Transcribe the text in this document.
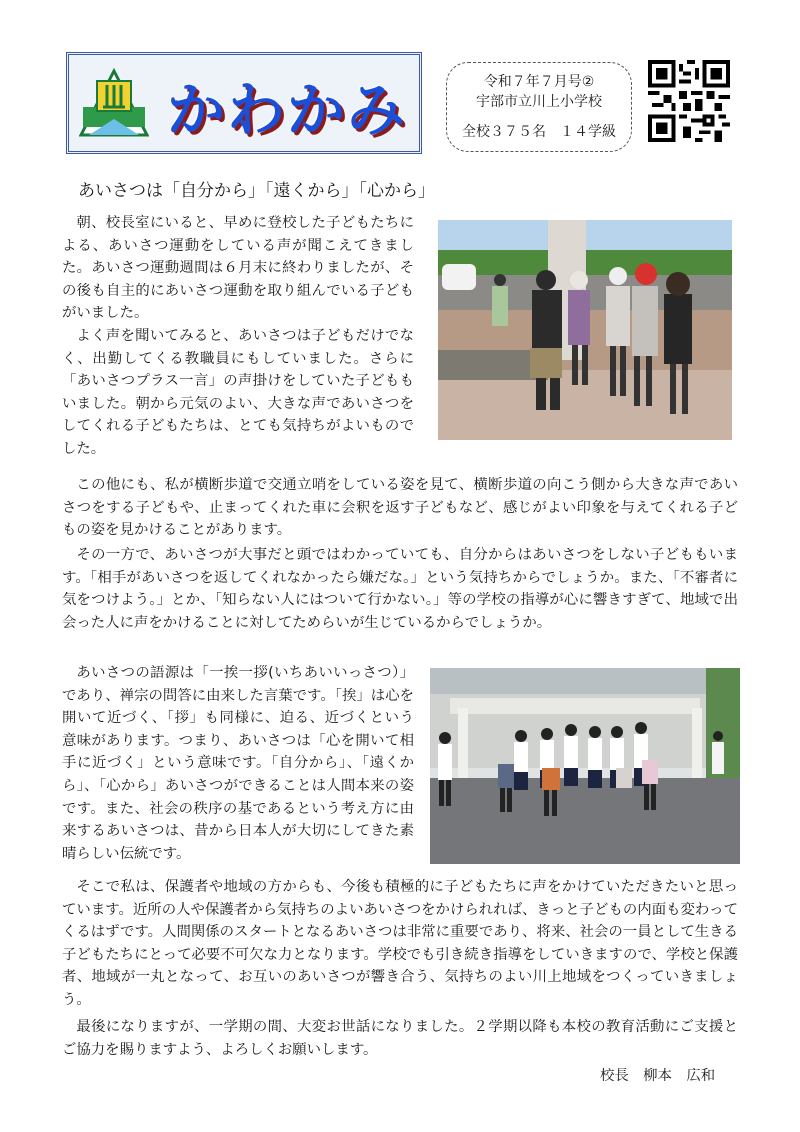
かわかみ	令和７年７月号②
宇部市立川上小学校
全校３７５名　１４学級
あいさつは「自分から」「遠くから」「心から」

朝、校長室にいると、早めに登校した子どもたちによる、あいさつ運動をしている声が聞こえてきました。あいさつ運動週間は６月末に終わりましたが、その後も自主的にあいさつ運動を取り組んでいる子どもがいました。

よく声を聞いてみると、あいさつは子どもだけでなく、出勤してくる教職員にもしていました。さらに「あいさつプラス一言」の声掛けをしていた子どももいました。朝から元気のよい、大きな声であいさつをしてくれる子どもたちは、とても気持ちがよいものでした。

この他にも、私が横断歩道で交通立哨をしている姿を見て、横断歩道の向こう側から大きな声であいさつをする子どもや、止まってくれた車に会釈を返す子どもなど、感じがよい印象を与えてくれる子どもの姿を見かけることがあります。

その一方で、あいさつが大事だと頭ではわかっていても、自分からはあいさつをしない子どももいます。「相手があいさつを返してくれなかったら嫌だな。」という気持ちからでしょうか。また、「不審者に気をつけよう。」とか、「知らない人にはついて行かない。」等の学校の指導が心に響きすぎて、地域で出会った人に声をかけることに対してためらいが生じているからでしょうか。

あいさつの語源は「一挨一拶(いちあいいっさつ）」であり、禅宗の問答に由来した言葉です。「挨」は心を開いて近づく、「拶」も同様に、迫る、近づくという意味があります。つまり、あいさつは「心を開いて相手に近づく」という意味です。「自分から」、「遠くから」、「心から」あいさつができることは人間本来の姿です。また、社会の秩序の基であるという考え方に由来するあいさつは、昔から日本人が大切にしてきた素晴らしい伝統です。

そこで私は、保護者や地域の方からも、今後も積極的に子どもたちに声をかけていただきたいと思っています。近所の人や保護者から気持ちのよいあいさつをかけられれば、きっと子どもの内面も変わってくるはずです。人間関係のスタートとなるあいさつは非常に重要であり、将来、社会の一員として生きる子どもたちにとって必要不可欠な力となります。学校でも引き続き指導をしていきますので、学校と保護者、地域が一丸となって、お互いのあいさつが響き合う、気持ちのよい川上地域をつくっていきましょう。

最後になりますが、一学期の間、大変お世話になりました。２学期以降も本校の教育活動にご支援とご協力を賜りますよう、よろしくお願いします。

校長　柳本　広和
